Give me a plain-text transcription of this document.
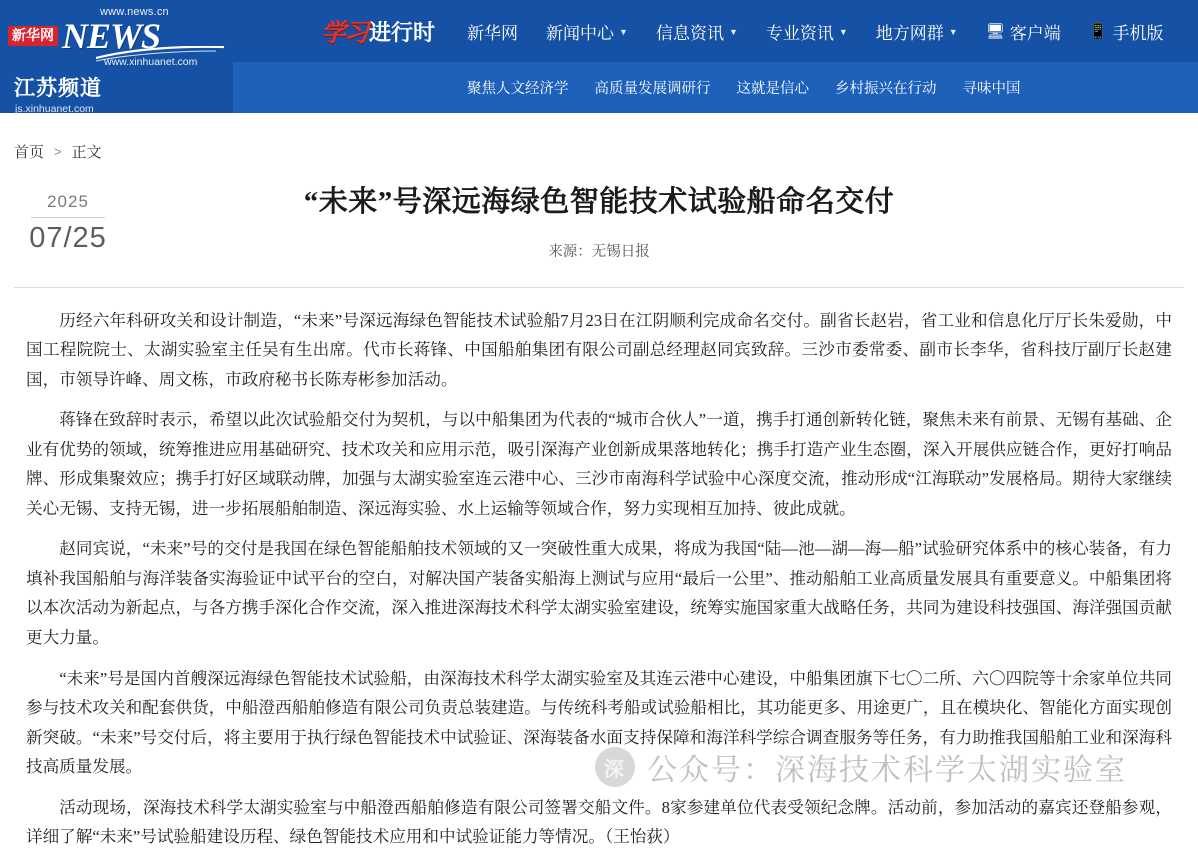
www.news.cn
新华网 NEWS
www.xinhuanet.com
江苏频道
js.xinhuanet.com
学习 进行时 新华网 新闻中心 ▼ 信息资讯 ▼ 专业资讯 ▼ 地方网群 ▼ 🖥 客户端 📱 手机版
聚焦人文经济学 高质量发展调研行 这就是信心 乡村振兴在行动 寻味中国
首页 > 正文
2025
07/25
“未来”号深远海绿色智能技术试验船命名交付
来源：无锡日报

历经六年科研攻关和设计制造，“未来”号深远海绿色智能技术试验船7月23日在江阴顺利完成命名交付。副省长赵岩，省工业和信息化厅厅长朱爱勋，中国工程院院士、太湖实验室主任吴有生出席。代市长蒋锋、中国船舶集团有限公司副总经理赵同宾致辞。三沙市委常委、副市长李华，省科技厅副厅长赵建国，市领导许峰、周文栋，市政府秘书长陈寿彬参加活动。

蒋锋在致辞时表示，希望以此次试验船交付为契机，与以中船集团为代表的“城市合伙人”一道，携手打通创新转化链，聚焦未来有前景、无锡有基础、企业有优势的领域，统筹推进应用基础研究、技术攻关和应用示范，吸引深海产业创新成果落地转化；携手打造产业生态圈，深入开展供应链合作，更好打响品牌、形成集聚效应；携手打好区域联动牌，加强与太湖实验室连云港中心、三沙市南海科学试验中心深度交流，推动形成“江海联动”发展格局。期待大家继续关心无锡、支持无锡，进一步拓展船舶制造、深远海实验、水上运输等领域合作，努力实现相互加持、彼此成就。

赵同宾说，“未来”号的交付是我国在绿色智能船舶技术领域的又一突破性重大成果，将成为我国“陆—池—湖—海—船”试验研究体系中的核心装备，有力填补我国船舶与海洋装备实海验证中试平台的空白，对解决国产装备实船海上测试与应用“最后一公里”、推动船舶工业高质量发展具有重要意义。中船集团将以本次活动为新起点，与各方携手深化合作交流，深入推进深海技术科学太湖实验室建设，统筹实施国家重大战略任务，共同为建设科技强国、海洋强国贡献更大力量。

“未来”号是国内首艘深远海绿色智能技术试验船，由深海技术科学太湖实验室及其连云港中心建设，中船集团旗下七〇二所、六〇四院等十余家单位共同参与技术攻关和配套供货，中船澄西船舶修造有限公司负责总装建造。与传统科考船或试验船相比，其功能更多、用途更广，且在模块化、智能化方面实现创新突破。“未来”号交付后，将主要用于执行绿色智能技术中试验证、深海装备水面支持保障和海洋科学综合调查服务等任务，有力助推我国船舶工业和深海科技高质量发展。

活动现场，深海技术科学太湖实验室与中船澄西船舶修造有限公司签署交船文件。8家参建单位代表受领纪念牌。活动前，参加活动的嘉宾还登船参观，详细了解“未来”号试验船建设历程、绿色智能技术应用和中试验证能力等情况。（王怡荻）

深 公众号：深海技术科学太湖实验室
